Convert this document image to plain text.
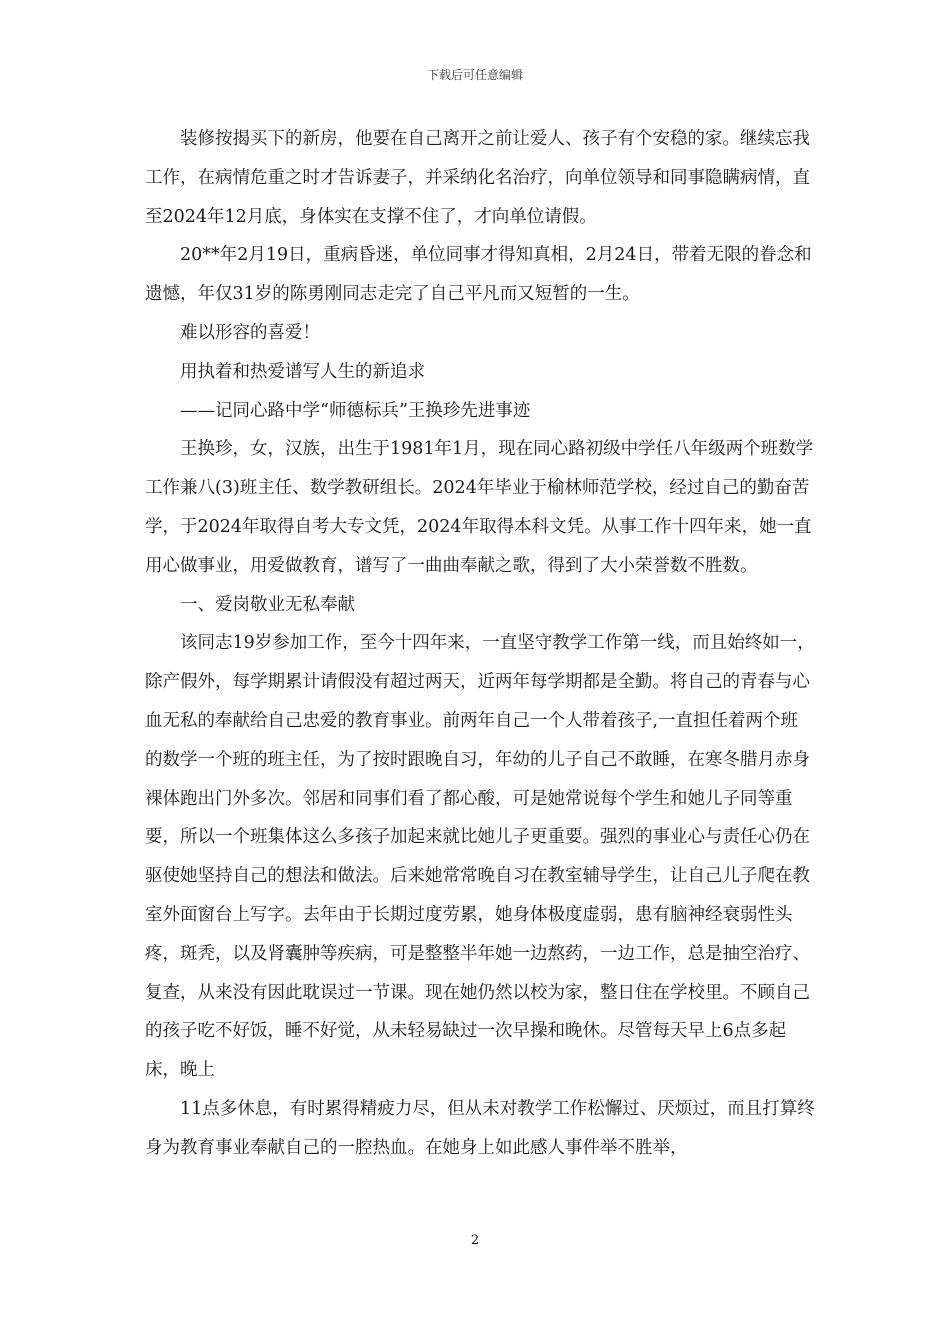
下载后可任意编辑

装修按揭买下的新房，他要在自己离开之前让爱人、孩子有个安稳的家。继续忘我工作，在病情危重之时才告诉妻子，并采纳化名治疗，向单位领导和同事隐瞒病情，直至2024年12月底，身体实在支撑不住了，才向单位请假。

20**年2月19日，重病昏迷，单位同事才得知真相，2月24日，带着无限的眷念和遗憾，年仅31岁的陈勇刚同志走完了自己平凡而又短暂的一生。

难以形容的喜爱！

用执着和热爱谱写人生的新追求

——记同心路中学“师德标兵”王换珍先进事迹

王换珍，女，汉族，出生于1981年1月，现在同心路初级中学任八年级两个班数学工作兼八(3)班主任、数学教研组长。2024年毕业于榆林师范学校，经过自己的勤奋苦学，于2024年取得自考大专文凭，2024年取得本科文凭。从事工作十四年来，她一直用心做事业，用爱做教育，谱写了一曲曲奉献之歌，得到了大小荣誉数不胜数。

一、爱岗敬业无私奉献

该同志19岁参加工作，至今十四年来，一直坚守教学工作第一线，而且始终如一，除产假外，每学期累计请假没有超过两天，近两年每学期都是全勤。将自己的青春与心血无私的奉献给自己忠爱的教育事业。前两年自己一个人带着孩子,一直担任着两个班的数学一个班的班主任，为了按时跟晚自习，年幼的儿子自己不敢睡，在寒冬腊月赤身裸体跑出门外多次。邻居和同事们看了都心酸，可是她常说每个学生和她儿子同等重要，所以一个班集体这么多孩子加起来就比她儿子更重要。强烈的事业心与责任心仍在驱使她坚持自己的想法和做法。后来她常常晚自习在教室辅导学生，让自己儿子爬在教室外面窗台上写字。去年由于长期过度劳累，她身体极度虚弱，患有脑神经衰弱性头疼，斑秃，以及肾囊肿等疾病，可是整整半年她一边熬药，一边工作，总是抽空治疗、复查，从来没有因此耽误过一节课。现在她仍然以校为家，整日住在学校里。不顾自己的孩子吃不好饭，睡不好觉，从未轻易缺过一次早操和晚休。尽管每天早上6点多起床，晚上

11点多休息，有时累得精疲力尽，但从未对教学工作松懈过、厌烦过，而且打算终身为教育事业奉献自己的一腔热血。在她身上如此感人事件举不胜举，

2
